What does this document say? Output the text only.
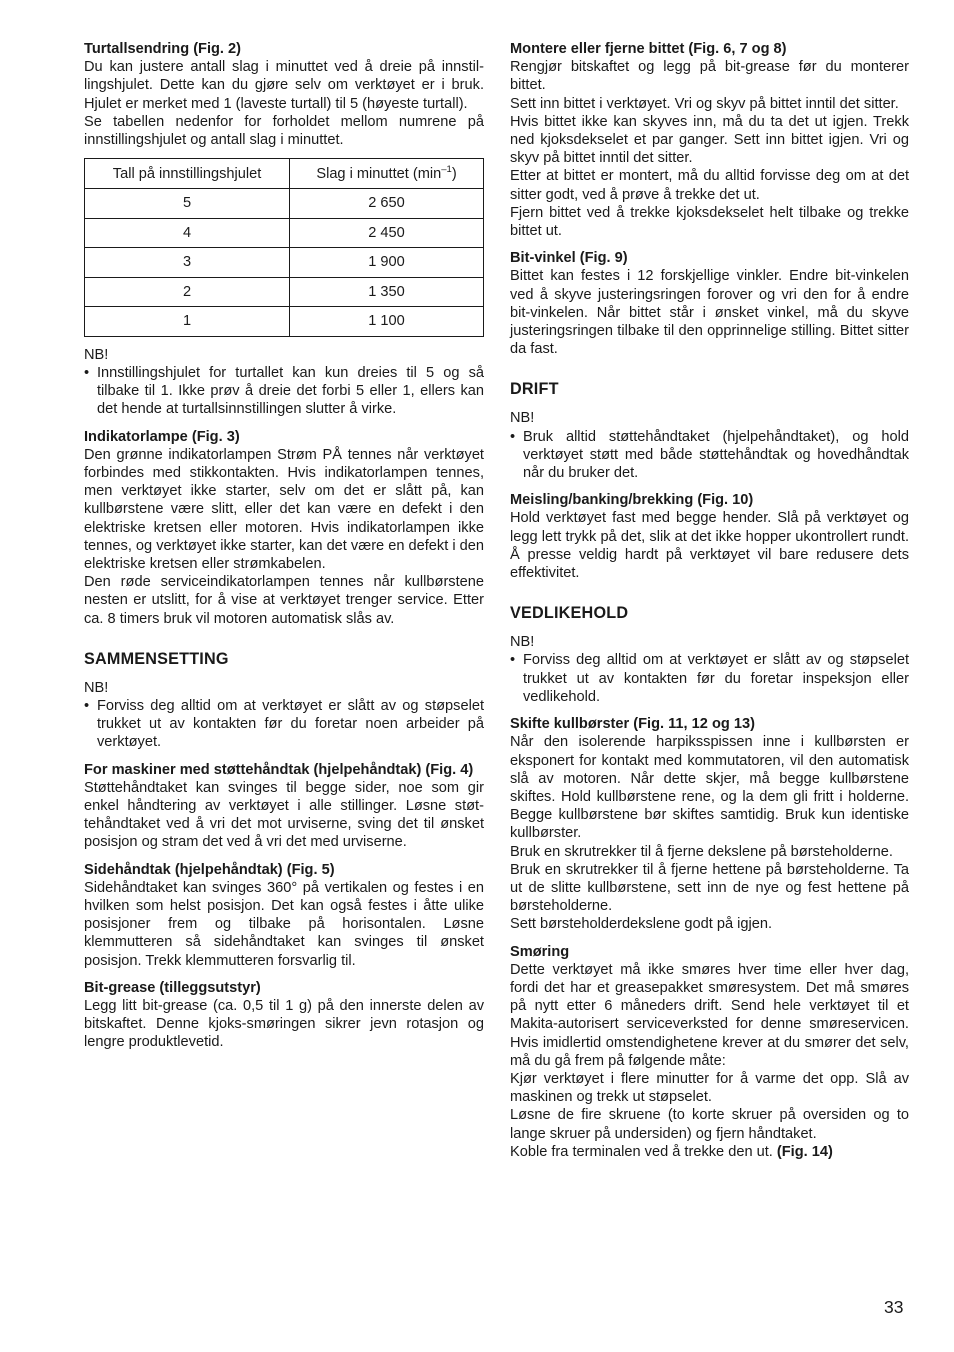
Turtallsendring (Fig. 2)

Du kan justere antall slag i minuttet ved å dreie på innstillingshjulet. Dette kan du gjøre selv om verktøyet er i bruk. Hjulet er merket med 1 (laveste turtall) til 5 (høyeste turtall).

Se tabellen nedenfor for forholdet mellom numrene på innstillingshjulet og antall slag i minuttet.

Tall på innstillingshjulet	Slag i minuttet $(\min^{-1})$
5	2 650
4	2 450
3	1 900
2	1 350
1	1 100

NB!

• Innstillingshjulet for turtallet kan kun dreies til 5 og så tilbake til 1. Ikke prøv å dreie det forbi 5 eller 1, ellers kan det hende at turtallsinnstillingen slutter å virke.
Indikatorlampe (Fig. 3)

Den grønne indikatorlampen Strøm PÅ tennes når verktøyet forbindes med stikkontakten. Hvis indikatorlampen tennes, men verktøyet ikke starter, selv om det er slått på, kan kullbørstene være slitt, eller det kan være en defekt i den elektriske kretsen eller motoren. Hvis indikatorlampen ikke tennes, og verktøyet ikke starter, kan det være en defekt i den elektriske kretsen eller strømkabelen.

Den røde serviceindikatorlampen tennes når kullbørstene nesten er utslitt, for å vise at verktøyet trenger service. Etter ca. 8 timers bruk vil motoren automatisk slås av.

SAMMENSETTING

NB!

• Forviss deg alltid om at verktøyet er slått av og støpselet trukket ut av kontakten før du foretar noen arbeider på verktøyet.
For maskiner med støttehåndtak (hjelpehåndtak) (Fig. 4)

Støttehåndtaket kan svinges til begge sider, noe som gir enkel håndtering av verktøyet i alle stillinger. Løsne støttehåndtaket ved å vri det mot urviserne, sving det til ønsket posisjon og stram det ved å vri det med urviserne.

Sidehåndtak (hjelpehåndtak) (Fig. 5)

Sidehåndtaket kan svinges 360° på vertikalen og festes i en hvilken som helst posisjon. Det kan også festes i åtte ulike posisjoner frem og tilbake på horisontalen. Løsne klemmutteren så sidehåndtaket kan svinges til ønsket posisjon. Trekk klemmutteren forsvarlig til.

Bit-grease (tilleggsutstyr)

Legg litt bit-grease (ca. 0,5 til 1 g) på den innerste delen av bitskaftet. Denne kjoks-smøringen sikrer jevn rotasjon og lengre produktlevetid.

Montere eller fjerne bittet (Fig. 6, 7 og 8)

Rengjør bitskaftet og legg på bit-grease før du monterer bittet.

Sett inn bittet i verktøyet. Vri og skyv på bittet inntil det sitter.

Hvis bittet ikke kan skyves inn, må du ta det ut igjen. Trekk ned kjoksdekselet et par ganger. Sett inn bittet igjen. Vri og skyv på bittet inntil det sitter.

Etter at bittet er montert, må du alltid forvisse deg om at det sitter godt, ved å prøve å trekke det ut.

Fjern bittet ved å trekke kjoksdekselet helt tilbake og trekke bittet ut.

Bit-vinkel (Fig. 9)

Bittet kan festes i 12 forskjellige vinkler. Endre bit-vinkelen ved å skyve justeringsringen forover og vri den for å endre bit-vinkelen. Når bittet står i ønsket vinkel, må du skyve justeringsringen tilbake til den opprinnelige stilling. Bittet sitter da fast.

DRIFT

NB!

• Bruk alltid støttehåndtaket (hjelpehåndtaket), og hold verktøyet støtt med både støttehåndtak og hovedhåndtak når du bruker det.
Meisling/banking/brekking (Fig. 10)

Hold verktøyet fast med begge hender. Slå på verktøyet og legg lett trykk på det, slik at det ikke hopper ukontrollert rundt. Å presse veldig hardt på verktøyet vil bare redusere dets effektivitet.

VEDLIKEHOLD

NB!

• Forviss deg alltid om at verktøyet er slått av og støpselet trukket ut av kontakten før du foretar inspeksjon eller vedlikehold.
Skifte kullbørster (Fig. 11, 12 og 13)

Når den isolerende harpiksspissen inne i kullbørsten er eksponert for kontakt med kommutatoren, vil den automatisk slå av motoren. Når dette skjer, må begge kullbørstene skiftes. Hold kullbørstene rene, og la dem gli fritt i holderne. Begge kullbørstene bør skiftes samtidig. Bruk kun identiske kullbørster.

Bruk en skrutrekker til å fjerne dekslene på børsteholderne.

Bruk en skrutrekker til å fjerne hettene på børsteholderne. Ta ut de slitte kullbørstene, sett inn de nye og fest hettene på børsteholderne.

Sett børsteholderdekslene godt på igjen.

Smøring

Dette verktøyet må ikke smøres hver time eller hver dag, fordi det har et greasepakket smøresystem. Det må smøres på nytt etter 6 måneders drift. Send hele verktøyet til et Makita-autorisert serviceverksted for denne smøreservicen. Hvis imidlertid omstendighetene krever at du smører det selv, må du gå frem på følgende måte:

Kjør verktøyet i flere minutter for å varme det opp. Slå av maskinen og trekk ut støpselet.

Løsne de fire skruene (to korte skruer på oversiden og to lange skruer på undersiden) og fjern håndtaket.

Koble fra terminalen ved å trekke den ut. (Fig. 14)

33
